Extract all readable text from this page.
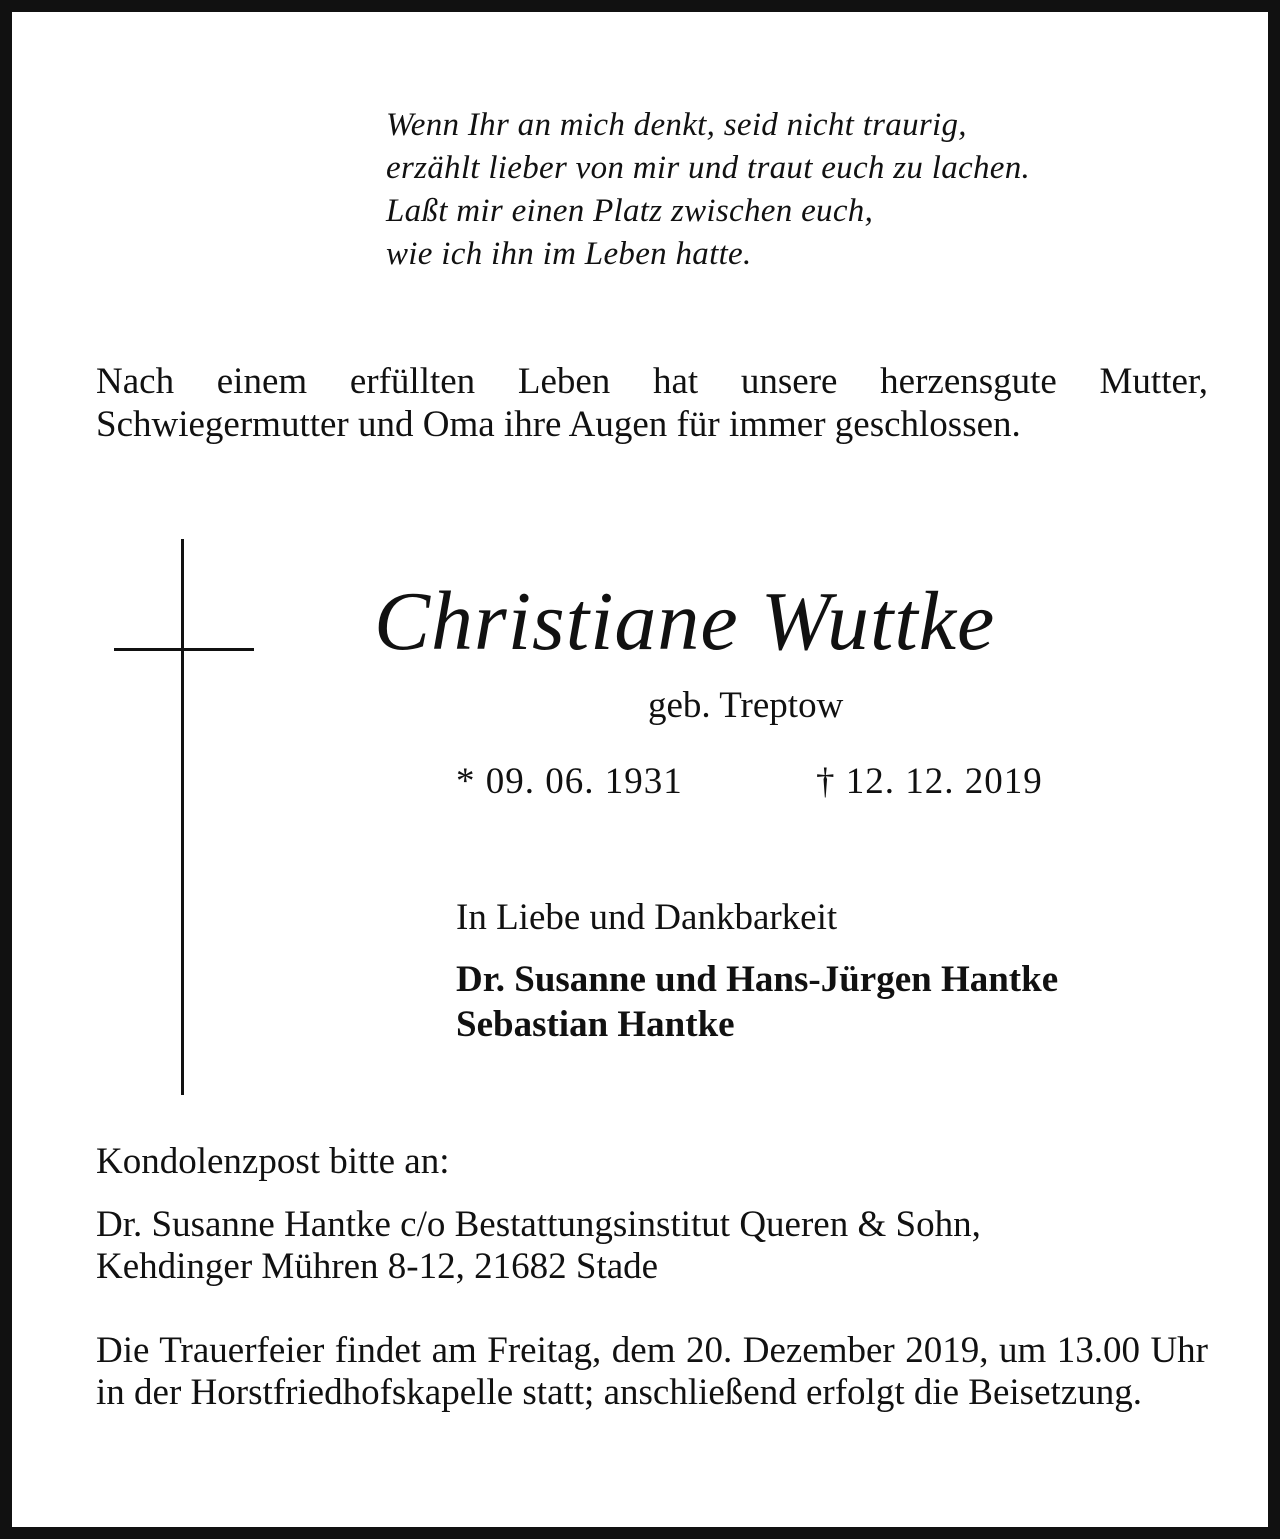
Wenn Ihr an mich denkt, seid nicht traurig,
erzählt lieber von mir und traut euch zu lachen.
Laßt mir einen Platz zwischen euch,
wie ich ihn im Leben hatte.
Nach einem erfüllten Leben hat unsere herzensgute Mutter, Schwiegermutter und Oma ihre Augen für immer geschlossen.
Christiane Wuttke
geb. Treptow
* 09. 06. 1931	† 12. 12. 2019
In Liebe und Dankbarkeit
Dr. Susanne und Hans-Jürgen Hantke
Sebastian Hantke
Kondolenzpost bitte an:
Dr. Susanne Hantke c/o Bestattungsinstitut Queren & Sohn,
Kehdinger Mühren 8-12, 21682 Stade
Die Trauerfeier findet am Freitag, dem 20. Dezember 2019, um 13.00 Uhr in der Horstfriedhofskapelle statt; anschließend erfolgt die Beisetzung.
